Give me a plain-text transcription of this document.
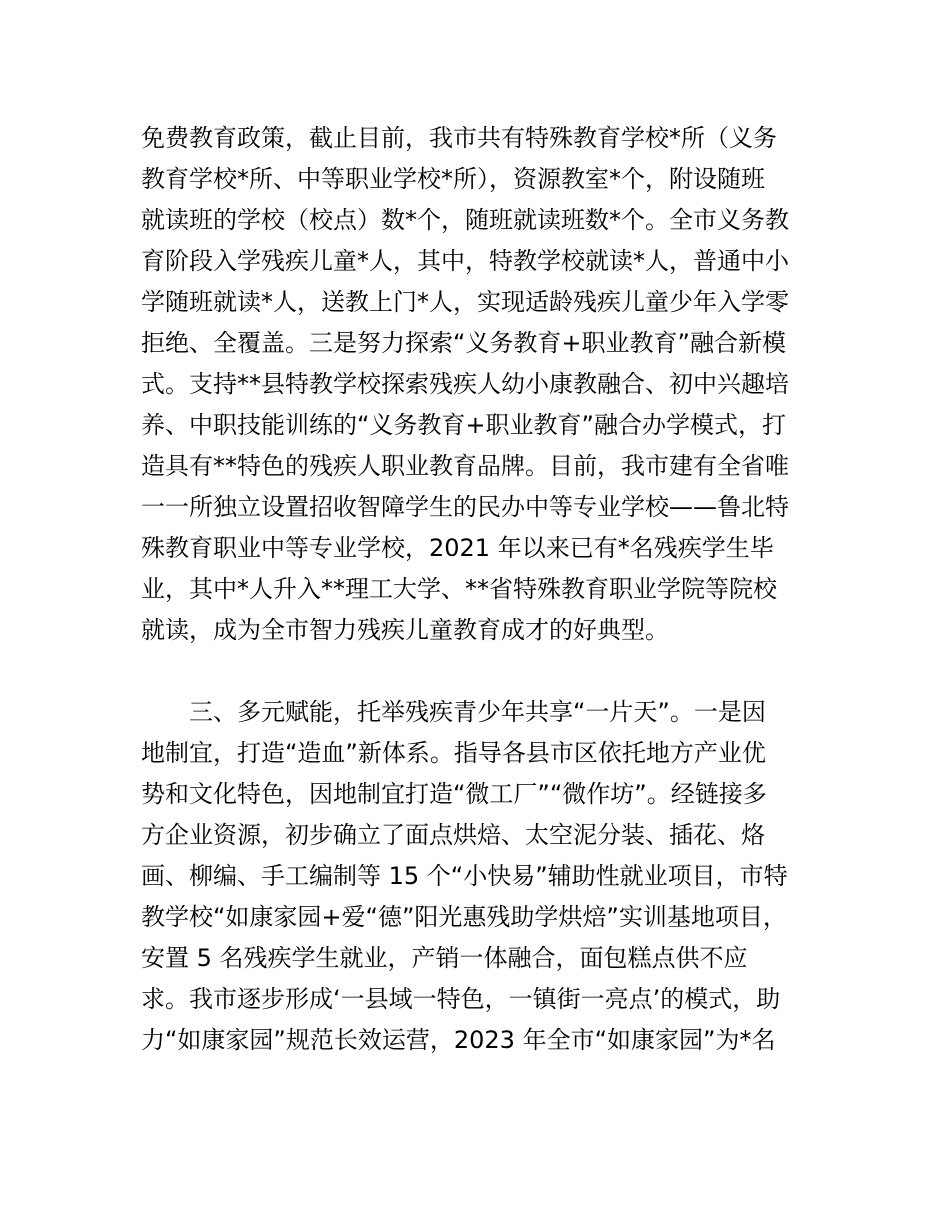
免费教育政策，截止目前，我市共有特殊教育学校*所（义务
教育学校*所、中等职业学校*所），资源教室*个，附设随班
就读班的学校（校点）数*个，随班就读班数*个。全市义务教
育阶段入学残疾儿童*人，其中，特教学校就读*人，普通中小
学随班就读*人，送教上门*人，实现适龄残疾儿童少年入学零
拒绝、全覆盖。三是努力探索“义务教育+职业教育”融合新模
式。支持**县特教学校探索残疾人幼小康教融合、初中兴趣培
养、中职技能训练的“义务教育+职业教育”融合办学模式，打
造具有**特色的残疾人职业教育品牌。目前，我市建有全省唯
一一所独立设置招收智障学生的民办中等专业学校——鲁北特
殊教育职业中等专业学校，2021 年以来已有*名残疾学生毕
业，其中*人升入**理工大学、**省特殊教育职业学院等院校
就读，成为全市智力残疾儿童教育成才的好典型。
　　三、多元赋能，托举残疾青少年共享“一片天”。一是因
地制宜，打造“造血”新体系。指导各县市区依托地方产业优
势和文化特色，因地制宜打造“微工厂”“微作坊”。经链接多
方企业资源，初步确立了面点烘焙、太空泥分装、插花、烙
画、柳编、手工编制等 15 个“小快易”辅助性就业项目，市特
教学校“如康家园+爱“德”阳光惠残助学烘焙”实训基地项目，
安置 5 名残疾学生就业，产销一体融合，面包糕点供不应
求。我市逐步形成‘一县域一特色，一镇街一亮点’的模式，助
力“如康家园”规范长效运营，2023 年全市“如康家园”为*名
